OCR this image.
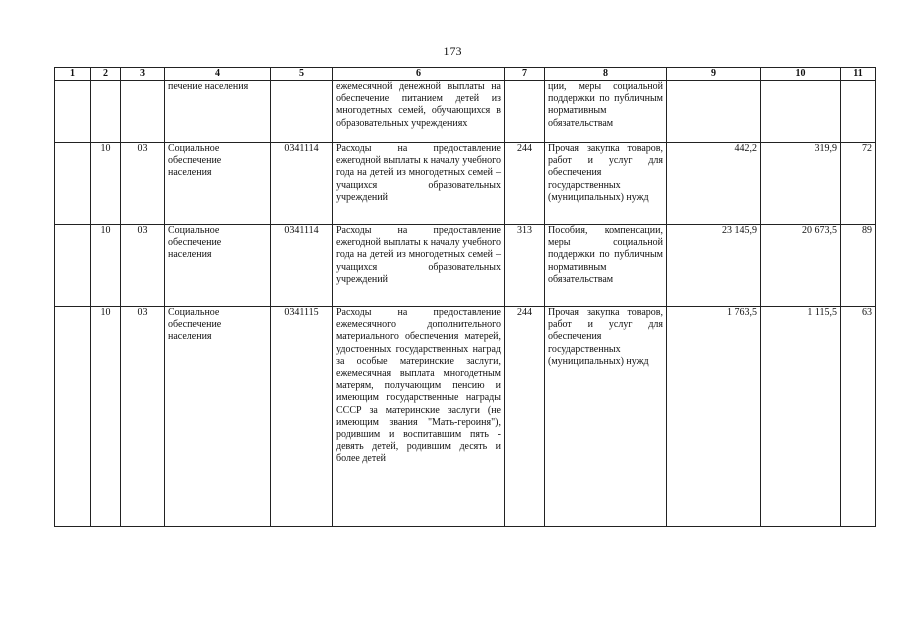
173
1	2	3	4	5	6	7	8	9	10	11
			печение населения		ежемесячной денежной выплаты на обеспечение питанием детей из многодетных семей, обучающихся в образовательных учреждениях		ции, меры социальной поддержки по публичным нормативным обязательствам			
	10	03	Социальное обеспечение населения	0341114	Расходы на предоставление ежегодной выплаты к началу учебного года на детей из многодетных семей – учащихся образовательных учреждений	244	Прочая закупка товаров, работ и услуг для обеспечения государственных (муниципальных) нужд	442,2	319,9	72
	10	03	Социальное обеспечение населения	0341114	Расходы на предоставление ежегодной выплаты к началу учебного года на детей из многодетных семей – учащихся образовательных учреждений	313	Пособия, компенсации, меры социальной поддержки по публичным нормативным обязательствам	23 145,9	20 673,5	89
	10	03	Социальное обеспечение населения	0341115	Расходы на предоставление ежемесячного дополнительного материального обеспечения матерей, удостоенных государственных наград за особые материнские заслуги, ежемесячная выплата многодетным матерям, получающим пенсию и имеющим государственные награды СССР за материнские заслуги (не имеющим звания "Мать-героиня"), родившим и воспитавшим пять - девять детей, родившим десять и более детей	244	Прочая закупка товаров, работ и услуг для обеспечения государственных (муниципальных) нужд	1 763,5	1 115,5	63
